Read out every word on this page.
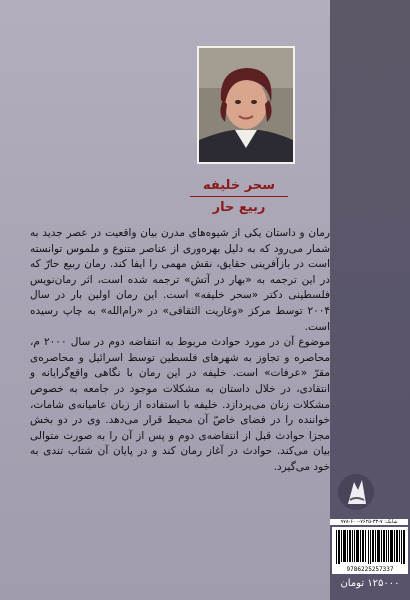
سحر خلیفه
ربیع حار

رمان و داستان یکی از شیوه‌های مدرن بیان واقعیت در عصر جدید به شمار می‌رود که به دلیل بهره‌وری از عناصر متنوع و ملموس توانسته است در بازآفرینی حقایق، نقش مهمی را ایفا کند. رمان ربیع حارّ که در این ترجمه به «بهار در آتش» ترجمه شده است، اثر رمان‌نویس فلسطینی دکتر «سحر خلیفه» است. این رمان اولین بار در سال ۲۰۰۴ توسط مرکز «وغاریت الثقافی» در «رام‌الله» به چاپ رسیده است.

موضوع آن در مورد حوادث مربوط به انتفاضه دوم در سال ۲۰۰۰ م، محاصره و تجاوز به شهرهای فلسطین توسط اسرائیل و محاصره‌ی مقرّ «عرفات» است. خلیفه در این رمان با نگاهی واقع‌گرایانه و انتقادی، در خلال داستان به مشکلات موجود در جامعه به خصوص مشکلات زنان می‌پردازد. خلیفه با استفاده از زبان عامیانه‌ی شامات، خواننده را در فضای خاصّ آن محیط قرار می‌دهد. وی در دو بخش مجزا حوادث قبل از انتفاضه‌ی دوم و پس از آن را به صورت متوالی بیان می‌کند. حوادث در آغاز رمان کند و در پایان آن شتاب تندی به خود می‌گیرد.

شابک: ۷-۳۳-۷۶۲۵-۶۰۰-۹۷۸
9786225257337
۱۲۵۰۰۰ تومان
